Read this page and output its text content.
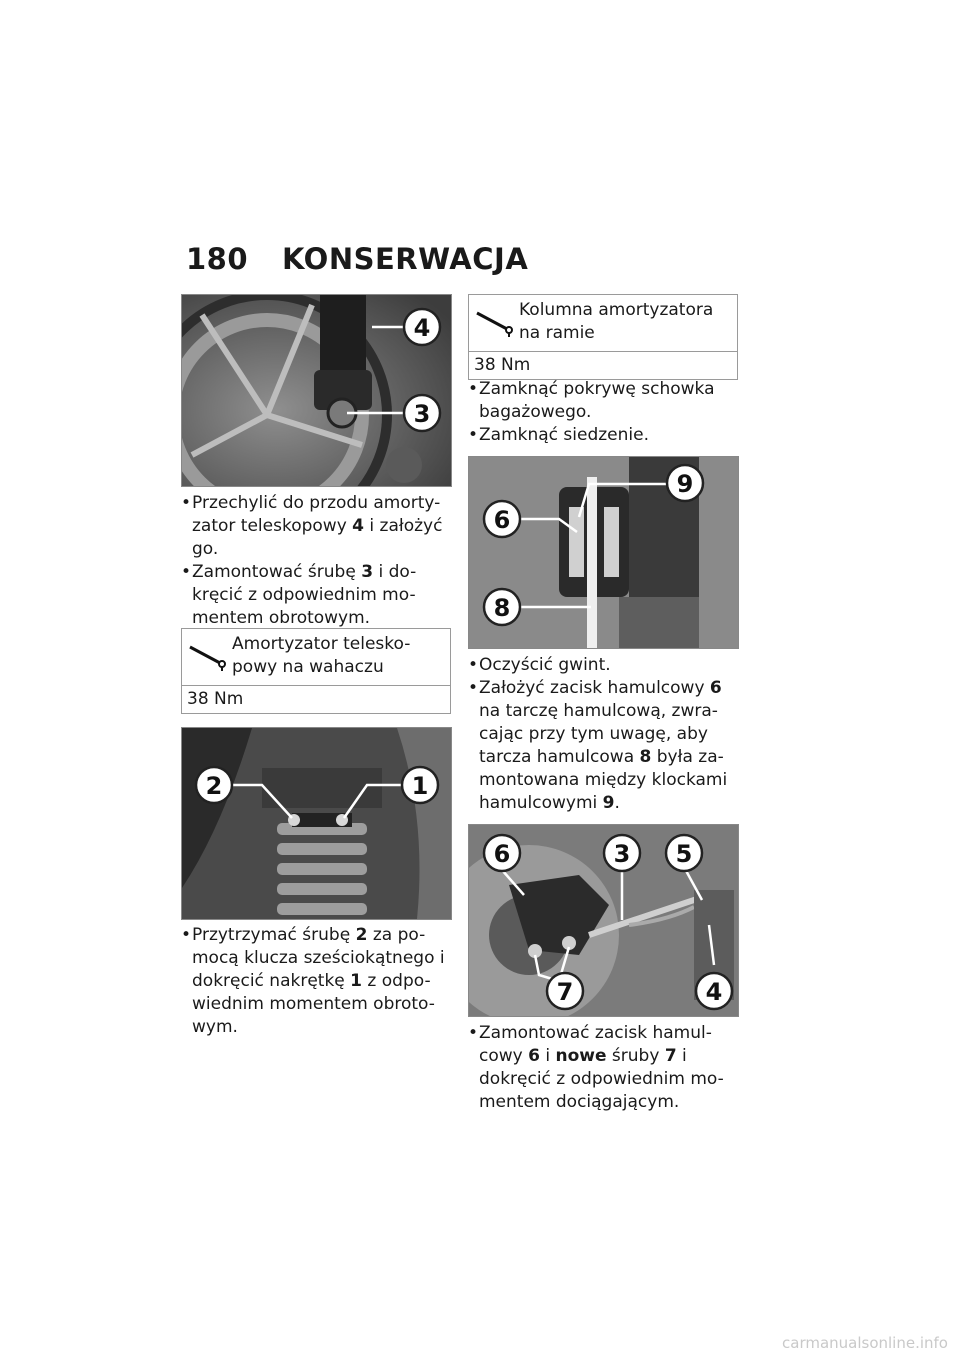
180 KONSERWACJA
4
3
• Przechylić do przodu amorty-zator teleskopowy 4 i założyć go.
• Zamontować śrubę 3 i do-kręcić z odpowiednim mo-mentem obrotowym.
Amortyzator telesko-powy na wahaczu
38 Nm
2	1
• Przytrzymać śrubę 2 za po-mocą klucza sześciokątnego i dokręcić nakrętkę 1 z odpo-wiednim momentem obroto-wym.
Kolumna amortyzatora na ramie
38 Nm
• Zamknąć pokrywę schowka bagażowego.
• Zamknąć siedzenie.
9
6
8
• Oczyścić gwint.
• Założyć zacisk hamulcowy 6 na tarczę hamulcową, zwra-cając przy tym uwagę, aby tarcza hamulcowa 8 była za-montowana między klockami hamulcowymi 9.
6	3 5
7	4
• Zamontować zacisk hamul-cowy 6 i nowe śruby 7 i dokręcić z odpowiednim mo-mentem dociągającym.
carmanualsonline.info
